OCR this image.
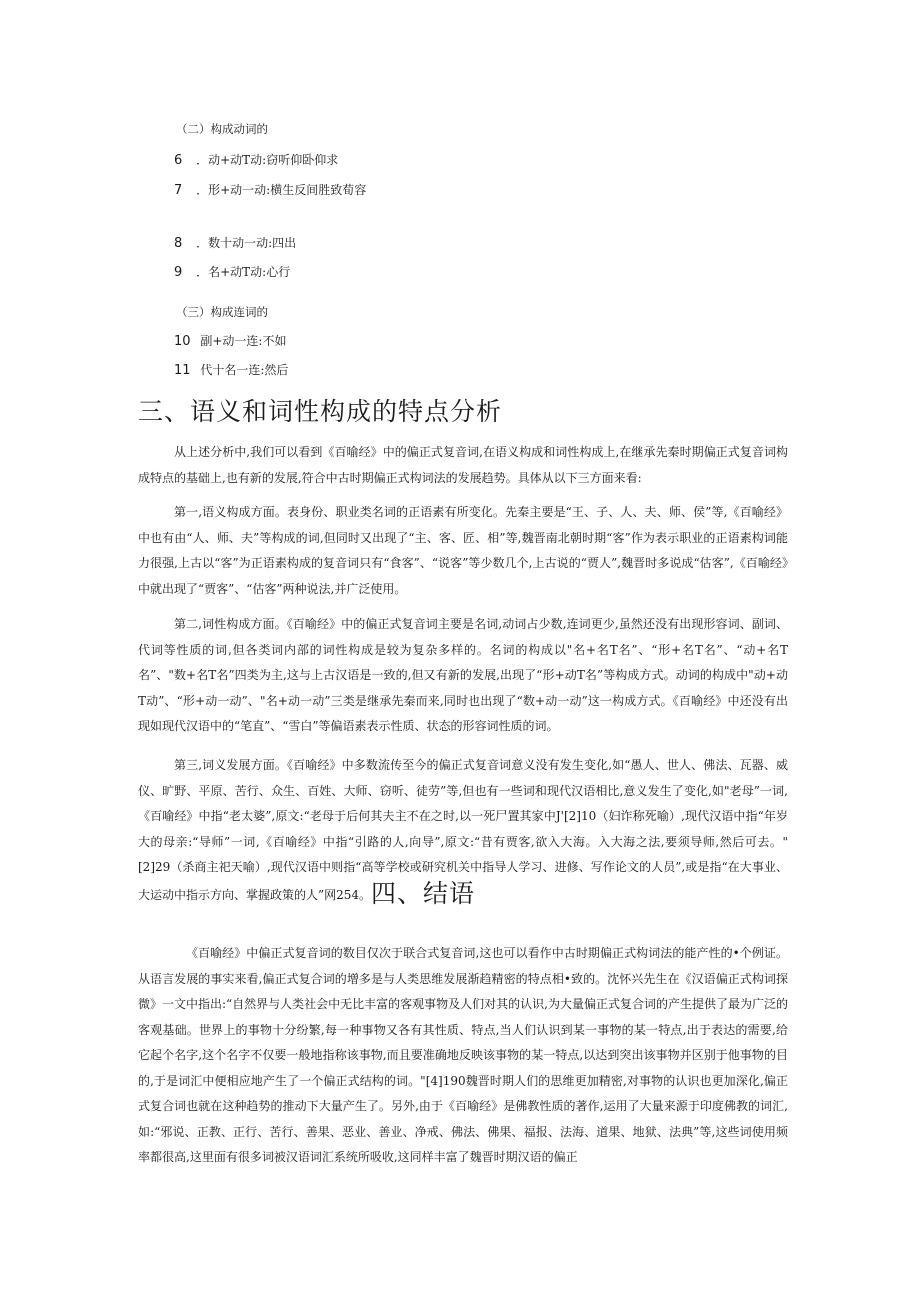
（二）构成动词的
6 ．动+动T动:窃听仰卧仰求
7 ．形+动一动:横生反间胜致荀容
8 ．数十动一动:四出
9 ．名+动T动:心行
（三）构成连词的
10 副+动一连:不如
11 代十名一连:然后
三、语义和词性构成的特点分析
从上述分析中,我们可以看到《百喻经》中的偏正式复音词,在语义构成和词性构成上,在继承先秦时期偏正式复音词构成特点的基础上,也有新的发展,符合中古时期偏正式构词法的发展趋势。具体从以下三方面来看:
第一,语义构成方面。表身份、职业类名词的正语素有所变化。先秦主要是“王、子、人、夫、师、侯”等,《百喻经》中也有由“人、师、夫”等构成的词,但同时又出现了“主、客、匠、相”等,魏晋南北朝时期“客”作为表示职业的正语素构词能力很强,上古以“客”为正语素构成的复音词只有“食客”、“说客”等少数几个,上古说的“贾人”,魏晋时多说成“估客”,《百喻经》中就出现了“贾客”、“估客”两种说法,并广泛使用。
第二,词性构成方面。《百喻经》中的偏正式复音词主要是名词,动词占少数,连词更少,虽然还没有出现形容词、副词、代词等性质的词,但各类词内部的词性构成是较为复杂多样的。名词的构成以"名+名T名”、“形+名T名”、“动+名T名”、"数+名T名”四类为主,这与上古汉语是一致的,但又有新的发展,出现了“形+动T名”等构成方式。动词的构成中"动+动T动”、“形+动一动”、"名+动一动”三类是继承先秦而来,同时也出现了“数+动一动”这一构成方式。《百喻经》中还没有出现如现代汉语中的“笔直”、“雪白”等偏语素表示性质、状态的形容词性质的词。
第三,词义发展方面。《百喻经》中多数流传至今的偏正式复音词意义没有发生变化,如“愚人、世人、佛法、瓦器、威仪、旷野、平原、苦行、众生、百姓、大师、窃听、徒劳”等,但也有一些词和现代汉语相比,意义发生了变化,如"老母”一词,《百喻经》中指“老太婆”,原文:“老母于后何其夫主不在之时,以一死尸置其家中J'[2]10（妇诈称死喻）,现代汉语中指“年岁大的母亲:“导师”一词,《百喻经》中指“引路的人,向导”,原文:“昔有贾客,欲入大海。入大海之法,要须导师,然后可去。"[2]29（杀商主祀天喻）,现代汉语中则指“高等学校或研究机关中指导人学习、进修、写作论文的人员”,或是指“在大事业、大运动中指示方向、掌握政策的人”网254。四、结语
《百喻经》中偏正式复音词的数目仅次于联合式复音词,这也可以看作中古时期偏正式构词法的能产性的•个例证。从语言发展的事实来看,偏正式复合词的增多是与人类思维发展渐趋精密的特点相•致的。沈怀兴先生在《汉语偏正式构词探微》一文中指出:“自然界与人类社会中无比丰富的客观事物及人们对其的认识,为大量偏正式复合词的产生提供了最为广泛的客观基础。世界上的事物十分纷繁,每一种事物又各有其性质、特点,当人们认识到某一事物的某一特点,出于表达的需要,给它起个名字,这个名字不仅要一般地指称该事物,而且要准确地反映该事物的某一特点,以达到突出该事物并区别于他事物的目的,于是词汇中便相应地产生了一个偏正式结构的词。"[4]190魏晋时期人们的思维更加精密,对事物的认识也更加深化,偏正式复合词也就在这种趋势的推动下大量产生了。另外,由于《百喻经》是佛教性质的著作,运用了大量来源于印度佛教的词汇,如:“邪说、正教、正行、苦行、善果、恶业、善业、净戒、佛法、佛果、福报、法海、道果、地狱、法典”等,这些词使用频率都很高,这里面有很多词被汉语词汇系统所吸收,这同样丰富了魏晋时期汉语的偏正
